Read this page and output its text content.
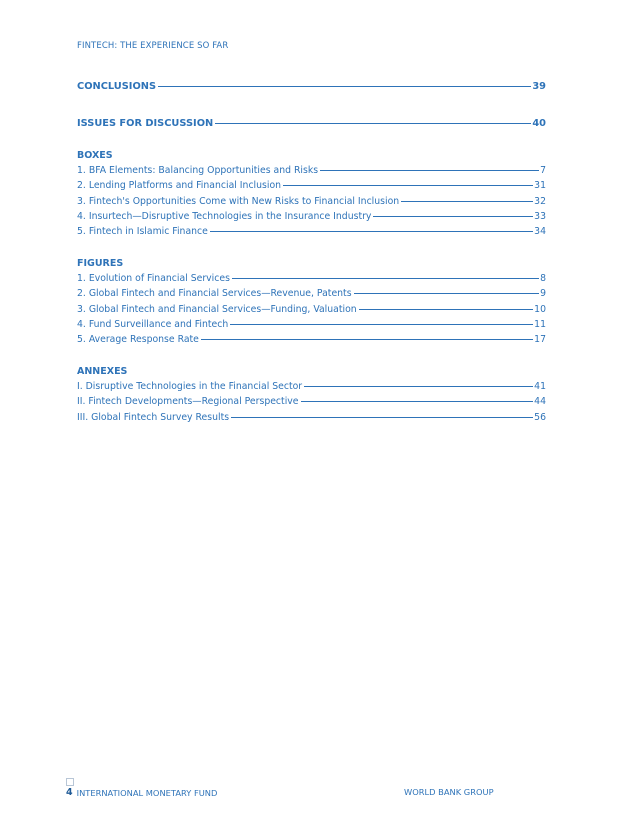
FINTECH: THE EXPERIENCE SO FAR
CONCLUSIONS	39
ISSUES FOR DISCUSSION	40
BOXES
1. BFA Elements: Balancing Opportunities and Risks	7
2. Lending Platforms and Financial Inclusion	31
3. Fintech's Opportunities Come with New Risks to Financial Inclusion	32
4. Insurtech—Disruptive Technologies in the Insurance Industry	33
5. Fintech in Islamic Finance	34
FIGURES
1. Evolution of Financial Services	8
2. Global Fintech and Financial Services—Revenue, Patents	9
3. Global Fintech and Financial Services—Funding, Valuation	10
4. Fund Surveillance and Fintech	11
5. Average Response Rate	17
ANNEXES
I. Disruptive Technologies in the Financial Sector	41
II. Fintech Developments—Regional Perspective	44
III. Global Fintech Survey Results	56
4 INTERNATIONAL MONETARY FUND	WORLD BANK GROUP
